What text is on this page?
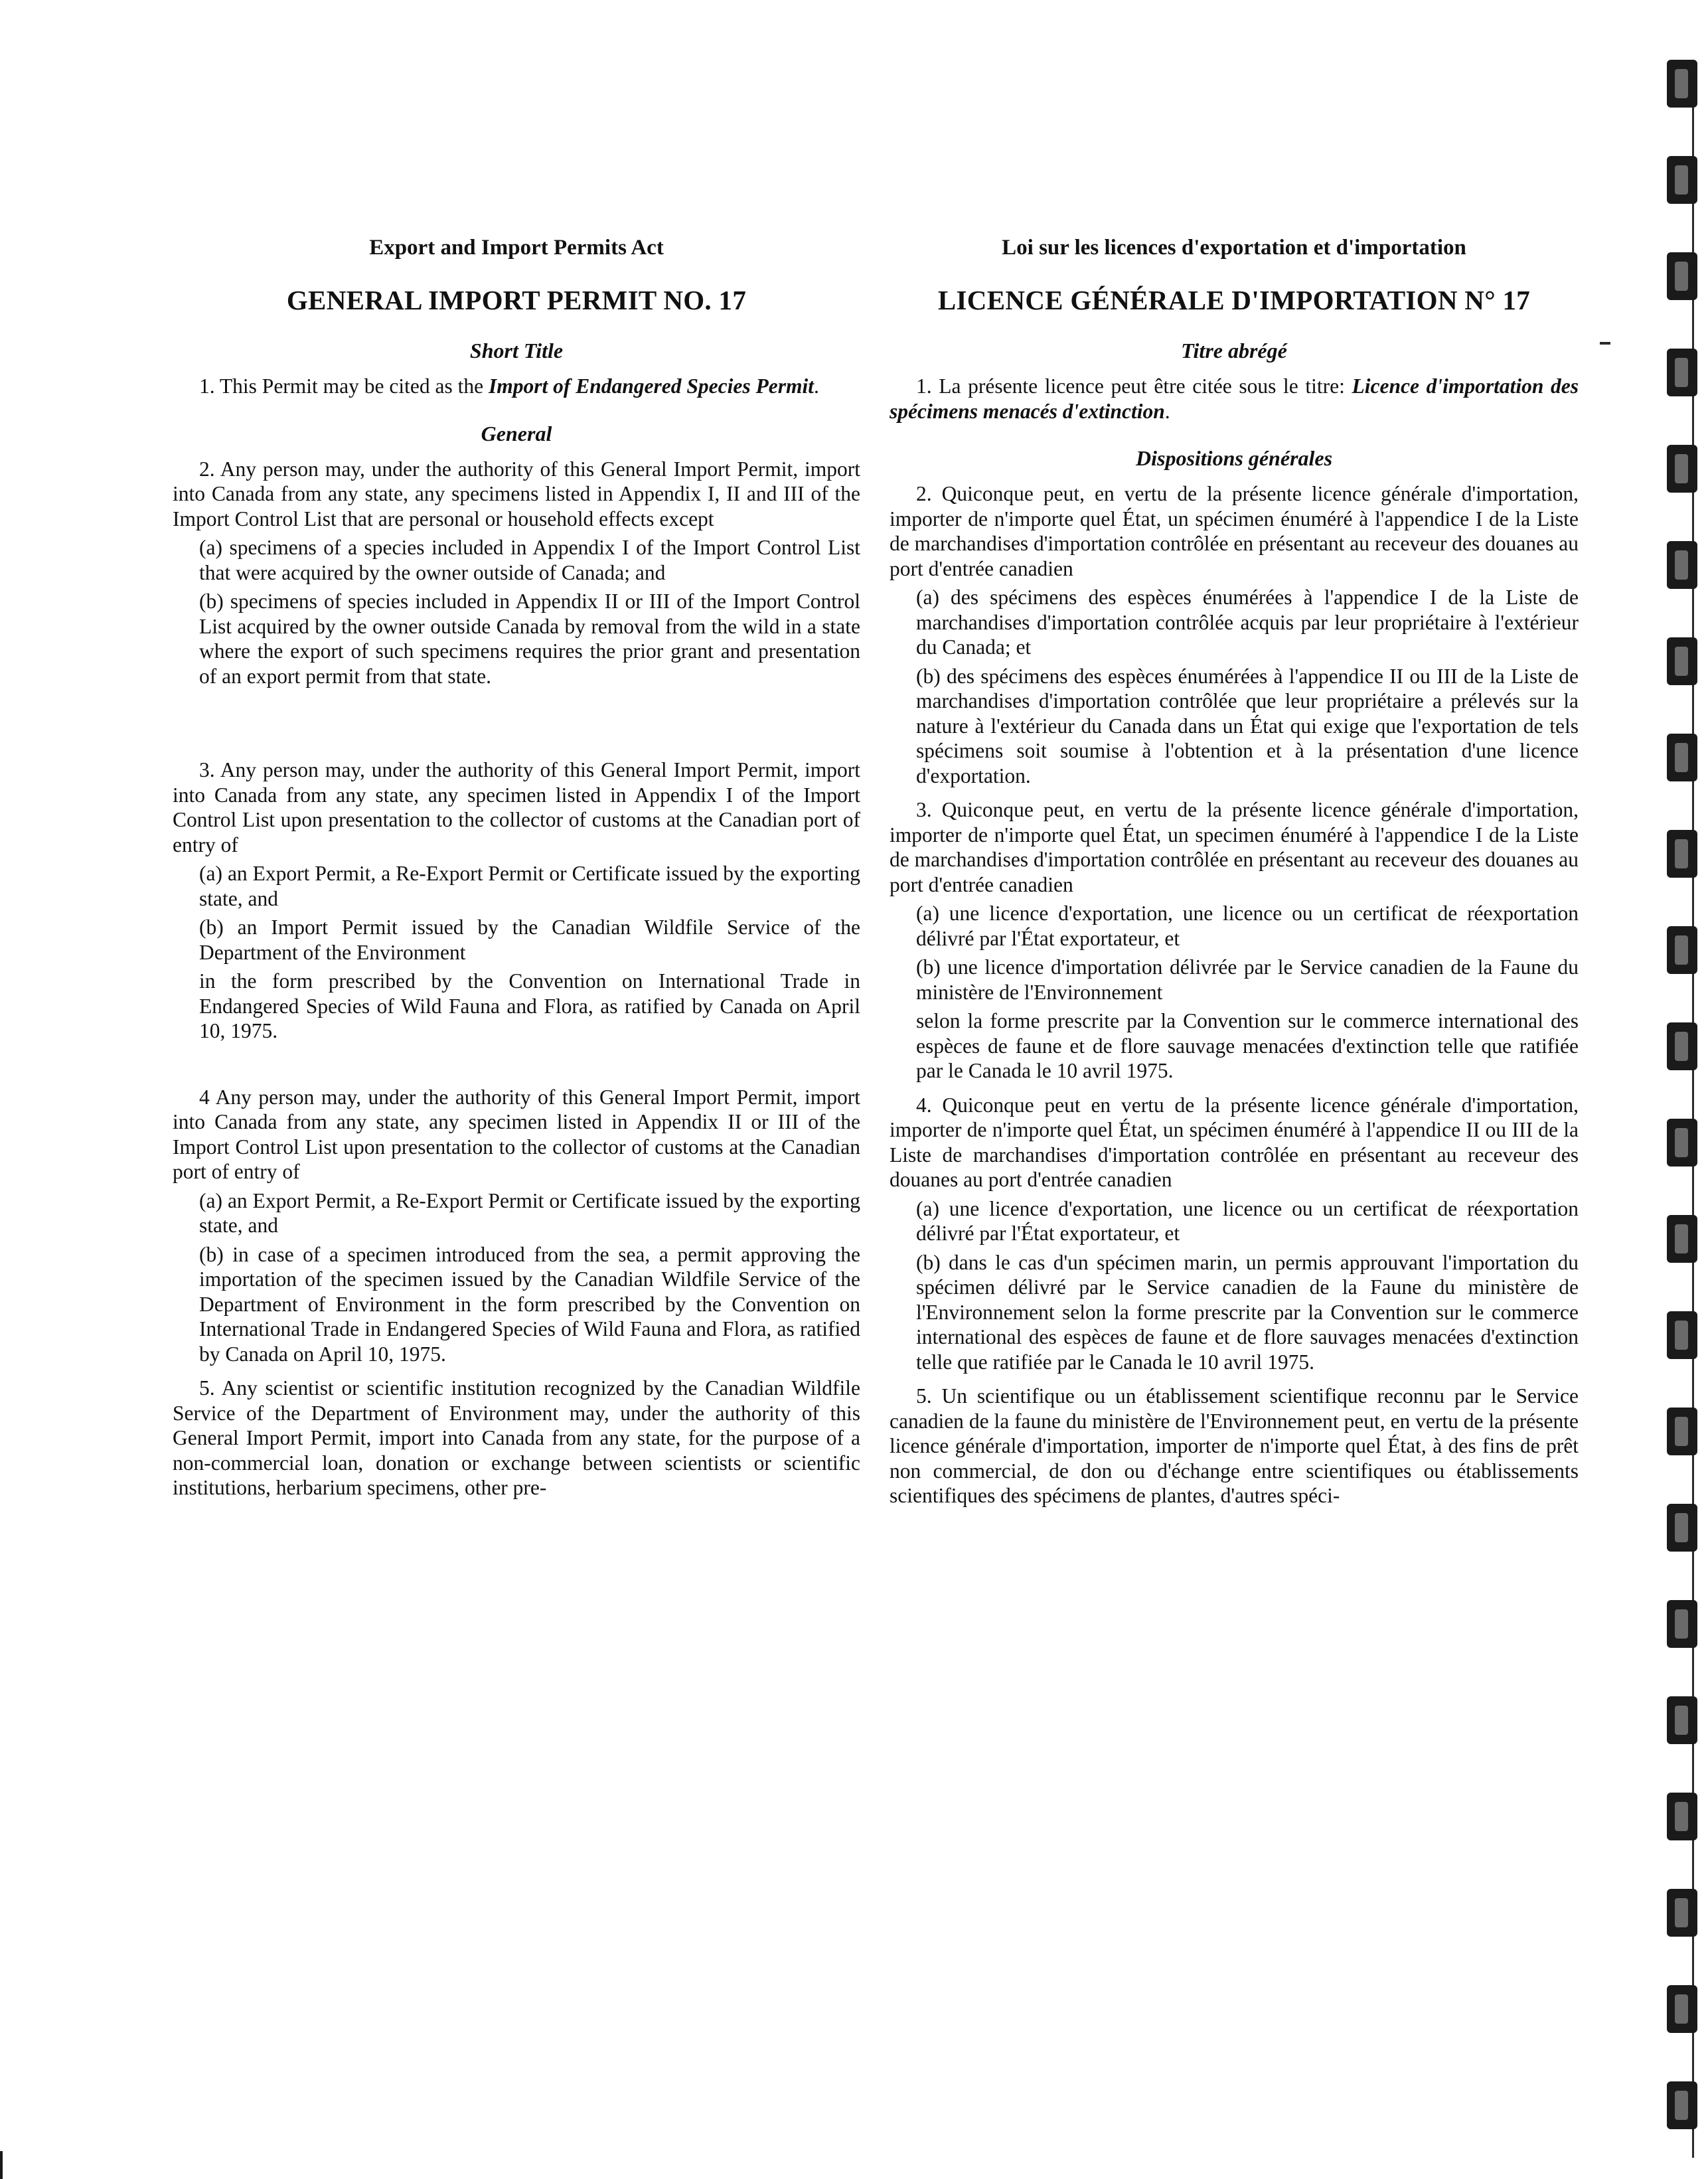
Export and Import Permits Act
GENERAL IMPORT PERMIT NO. 17
Short Title

1. This Permit may be cited as the Import of Endangered Species Permit.

General

2. Any person may, under the authority of this General Import Permit, import into Canada from any state, any specimens listed in Appendix I, II and III of the Import Control List that are personal or household effects except

(a) specimens of a species included in Appendix I of the Import Control List that were acquired by the owner outside of Canada; and

(b) specimens of species included in Appendix II or III of the Import Control List acquired by the owner outside Canada by removal from the wild in a state where the export of such specimens requires the prior grant and presentation of an export permit from that state.

3. Any person may, under the authority of this General Import Permit, import into Canada from any state, any specimen listed in Appendix I of the Import Control List upon presentation to the collector of customs at the Canadian port of entry of

(a) an Export Permit, a Re-Export Permit or Certificate issued by the exporting state, and

(b) an Import Permit issued by the Canadian Wildfile Service of the Department of the Environment

in the form prescribed by the Convention on International Trade in Endangered Species of Wild Fauna and Flora, as ratified by Canada on April 10, 1975.

4 Any person may, under the authority of this General Import Permit, import into Canada from any state, any specimen listed in Appendix II or III of the Import Control List upon presentation to the collector of customs at the Canadian port of entry of

(a) an Export Permit, a Re-Export Permit or Certificate issued by the exporting state, and

(b) in case of a specimen introduced from the sea, a permit approving the importation of the specimen issued by the Canadian Wildfile Service of the Department of Environment in the form prescribed by the Convention on International Trade in Endangered Species of Wild Fauna and Flora, as ratified by Canada on April 10, 1975.

5. Any scientist or scientific institution recognized by the Canadian Wildfile Service of the Department of Environment may, under the authority of this General Import Permit, import into Canada from any state, for the purpose of a non-commercial loan, donation or exchange between scientists or scientific institutions, herbarium specimens, other pre-

Loi sur les licences d'exportation et d'importation
LICENCE GÉNÉRALE D'IMPORTATION N° 17
Titre abrégé

1. La présente licence peut être citée sous le titre: Licence d'importation des spécimens menacés d'extinction.

Dispositions générales

2. Quiconque peut, en vertu de la présente licence générale d'importation, importer de n'importe quel État, un spécimen énuméré à l'appendice I de la Liste de marchandises d'importation contrôlée en présentant au receveur des douanes au port d'entrée canadien

(a) des spécimens des espèces énumérées à l'appendice I de la Liste de marchandises d'importation contrôlée acquis par leur propriétaire à l'extérieur du Canada; et

(b) des spécimens des espèces énumérées à l'appendice II ou III de la Liste de marchandises d'importation contrôlée que leur propriétaire a prélevés sur la nature à l'extérieur du Canada dans un État qui exige que l'exportation de tels spécimens soit soumise à l'obtention et à la présentation d'une licence d'exportation.

3. Quiconque peut, en vertu de la présente licence générale d'importation, importer de n'importe quel État, un specimen énuméré à l'appendice I de la Liste de marchandises d'importation contrôlée en présentant au receveur des douanes au port d'entrée canadien

(a) une licence d'exportation, une licence ou un certificat de réexportation délivré par l'État exportateur, et

(b) une licence d'importation délivrée par le Service canadien de la Faune du ministère de l'Environnement

selon la forme prescrite par la Convention sur le commerce international des espèces de faune et de flore sauvage menacées d'extinction telle que ratifiée par le Canada le 10 avril 1975.

4. Quiconque peut en vertu de la présente licence générale d'importation, importer de n'importe quel État, un spécimen énuméré à l'appendice II ou III de la Liste de marchandises d'importation contrôlée en présentant au receveur des douanes au port d'entrée canadien

(a) une licence d'exportation, une licence ou un certificat de réexportation délivré par l'État exportateur, et

(b) dans le cas d'un spécimen marin, un permis approuvant l'importation du spécimen délivré par le Service canadien de la Faune du ministère de l'Environnement selon la forme prescrite par la Convention sur le commerce international des espèces de faune et de flore sauvages menacées d'extinction telle que ratifiée par le Canada le 10 avril 1975.

5. Un scientifique ou un établissement scientifique reconnu par le Service canadien de la faune du ministère de l'Environnement peut, en vertu de la présente licence générale d'importation, importer de n'importe quel État, à des fins de prêt non commercial, de don ou d'échange entre scientifiques ou établissements scientifiques des spécimens de plantes, d'autres spéci-
